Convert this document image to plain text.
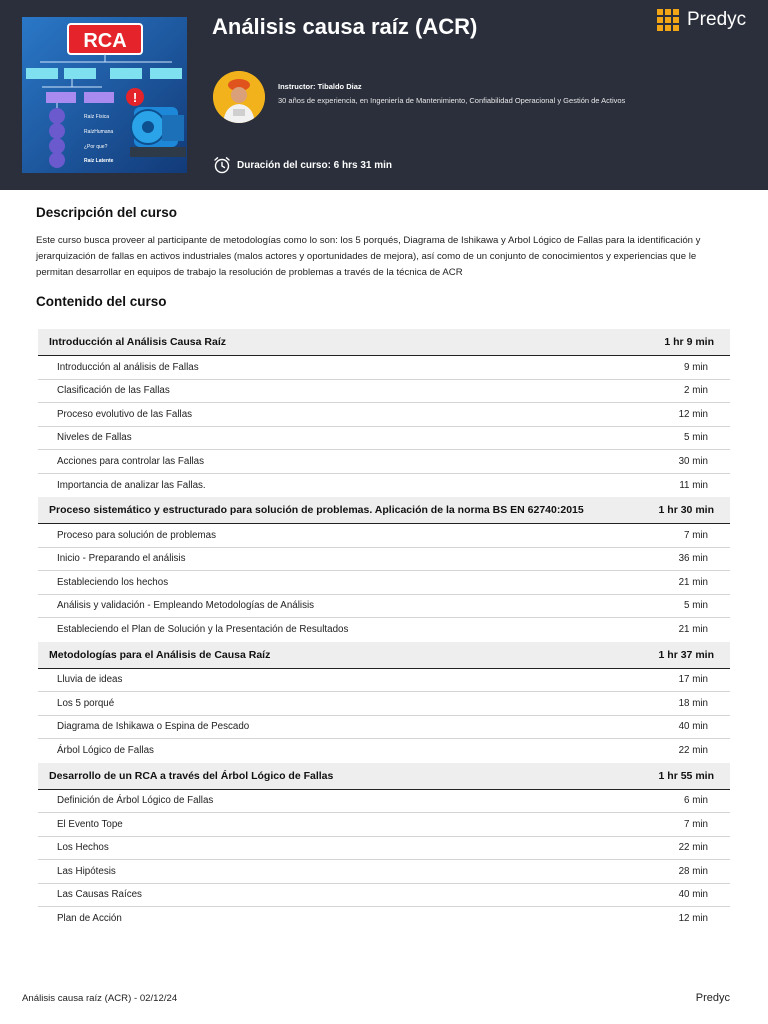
RCA
!
Raíz Física
RaízHumana
¿Por que?
Raíz Latente
Análisis causa raíz (ACR)	Predyc
Instructor: Tibaldo Diaz
30 años de experiencia, en Ingeniería de Mantenimiento, Confiabilidad Operacional y Gestión de Activos
Duración del curso: 6 hrs 31 min
Descripción del curso
Este curso busca proveer al participante de metodologías como lo son: los 5 porqués, Diagrama de Ishikawa y Arbol Lógico de Fallas para la identificación y jerarquización de fallas en activos industriales (malos actores y oportunidades de mejora), así como de un conjunto de conocimientos y experiencias que le permitan desarrollar en equipos de trabajo la resolución de problemas a través de la técnica de ACR
Contenido del curso
Introducción al Análisis Causa Raíz	1 hr 9 min
Introducción al análisis de Fallas	9 min
Clasificación de las Fallas	2 min
Proceso evolutivo de las Fallas	12 min
Niveles de Fallas	5 min
Acciones para controlar las Fallas	30 min
Importancia de analizar las Fallas.	11 min
Proceso sistemático y estructurado para solución de problemas. Aplicación de la norma BS EN 62740:2015	1 hr 30 min
Proceso para solución de problemas	7 min
Inicio - Preparando el análisis	36 min
Estableciendo los hechos	21 min
Análisis y validación - Empleando Metodologías de Análisis	5 min
Estableciendo el Plan de Solución y la Presentación de Resultados	21 min
Metodologías para el Análisis de Causa Raíz	1 hr 37 min
Lluvia de ideas	17 min
Los 5 porqué	18 min
Diagrama de Ishikawa o Espina de Pescado	40 min
Árbol Lógico de Fallas	22 min
Desarrollo de un RCA a través del Árbol Lógico de Fallas	1 hr 55 min
Definición de Árbol Lógico de Fallas	6 min
El Evento Tope	7 min
Los Hechos	22 min
Las Hipótesis	28 min
Las Causas Raíces	40 min
Plan de Acción	12 min
Análisis causa raíz (ACR) - 02/12/24	Predyc
